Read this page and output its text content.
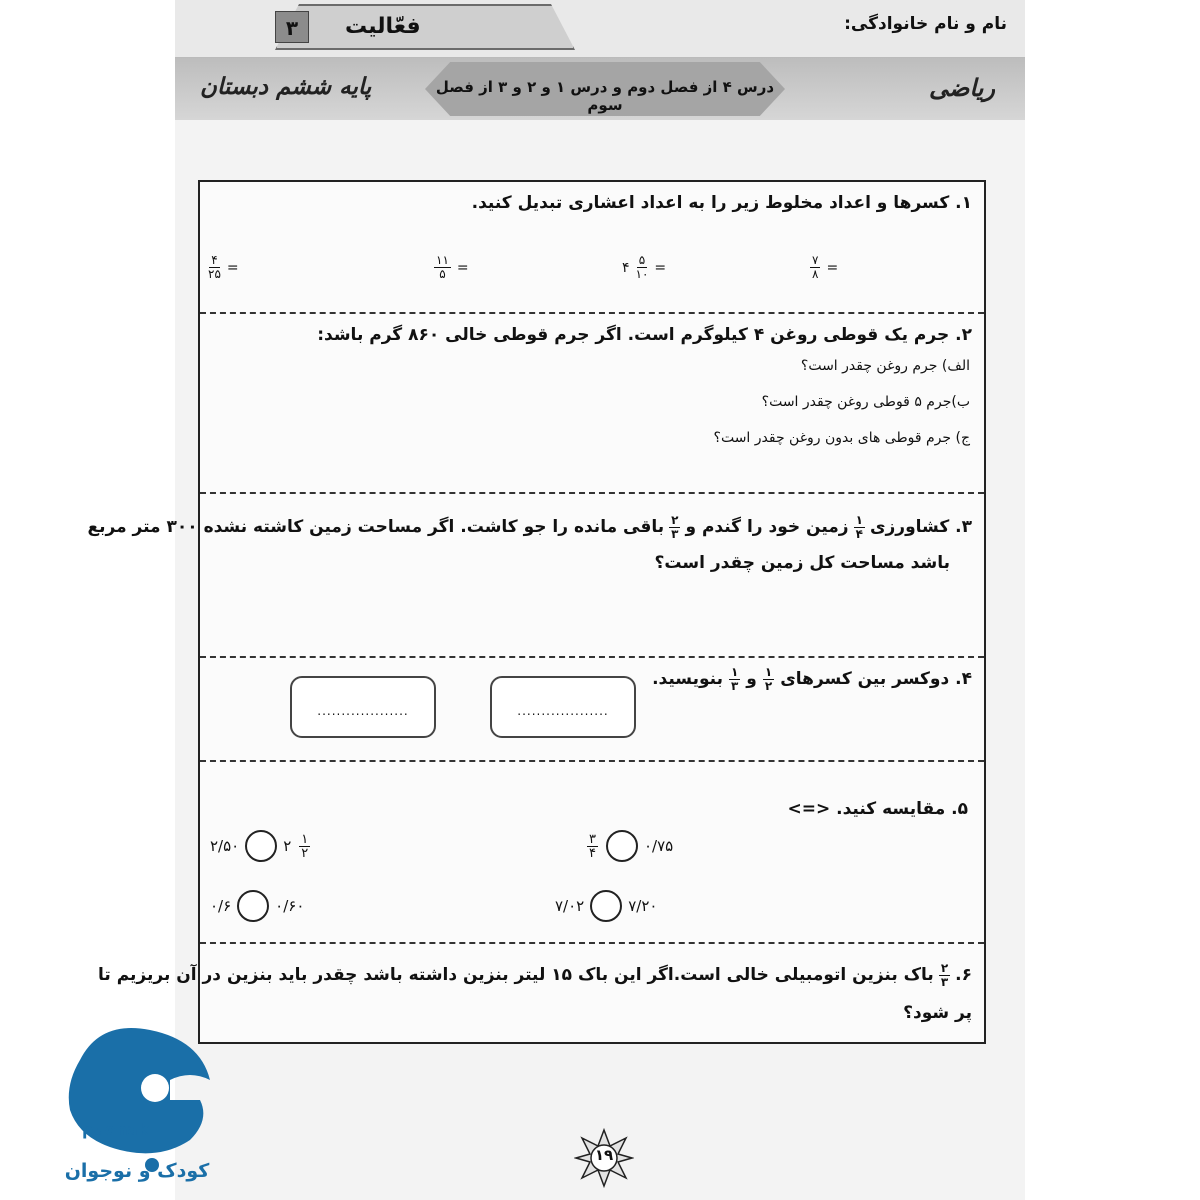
نام و نام خانوادگی:
فعّالیت
۳
درس ۴ از فصل دوم و درس ۱ و ۲ و ۳ از فصل سوم
ریاضی
پایه ششم دبستان
۱. کسرها و اعداد مخلوط زیر را به اعداد اعشاری تبدیل کنید.
$\frac{۷}{۸}$ =
۴ $\frac{۵}{۱۰}$ =
$\frac{۱۱}{۵}$ =
$\frac{۴}{۲۵}$ =
۲. جرم یک قوطی روغن ۴ کیلوگرم است. اگر جرم قوطی خالی ۸۶۰ گرم باشد:
الف) جرم روغن چقدر است؟
ب)جرم ۵ قوطی روغن چقدر است؟
ج) جرم قوطی های بدون روغن چقدر است؟
۳. کشاورزی
$\frac{۱}{۴}$
زمین خود را گندم و
$\frac{۲}{۳}$
باقی مانده را جو کاشت. اگر مساحت زمین کاشته نشده ۳۰۰ متر مربع
باشد مساحت کل زمین چقدر است؟
۴. دوکسر بین کسرهای
$\frac{۱}{۲}$
و
$\frac{۱}{۳}$
بنویسید.
...................
...................
۵. مقایسه کنید. <=>
$\frac{۳}{۴}$	۰/۷۵
۲/۵۰	۲ $\frac{۱}{۲}$
۷/۰۲	۷/۲۰
۰/۶	۰/۶۰
۶.
$\frac{۲}{۳}$
باک بنزین اتومبیلی خالی است.اگر این باک ۱۵ لیتر بنزین داشته باشد چقدر باید بنزین در آن بریزیم تا
پر شود؟
۱۹
puonak
کودک و نوجوان
